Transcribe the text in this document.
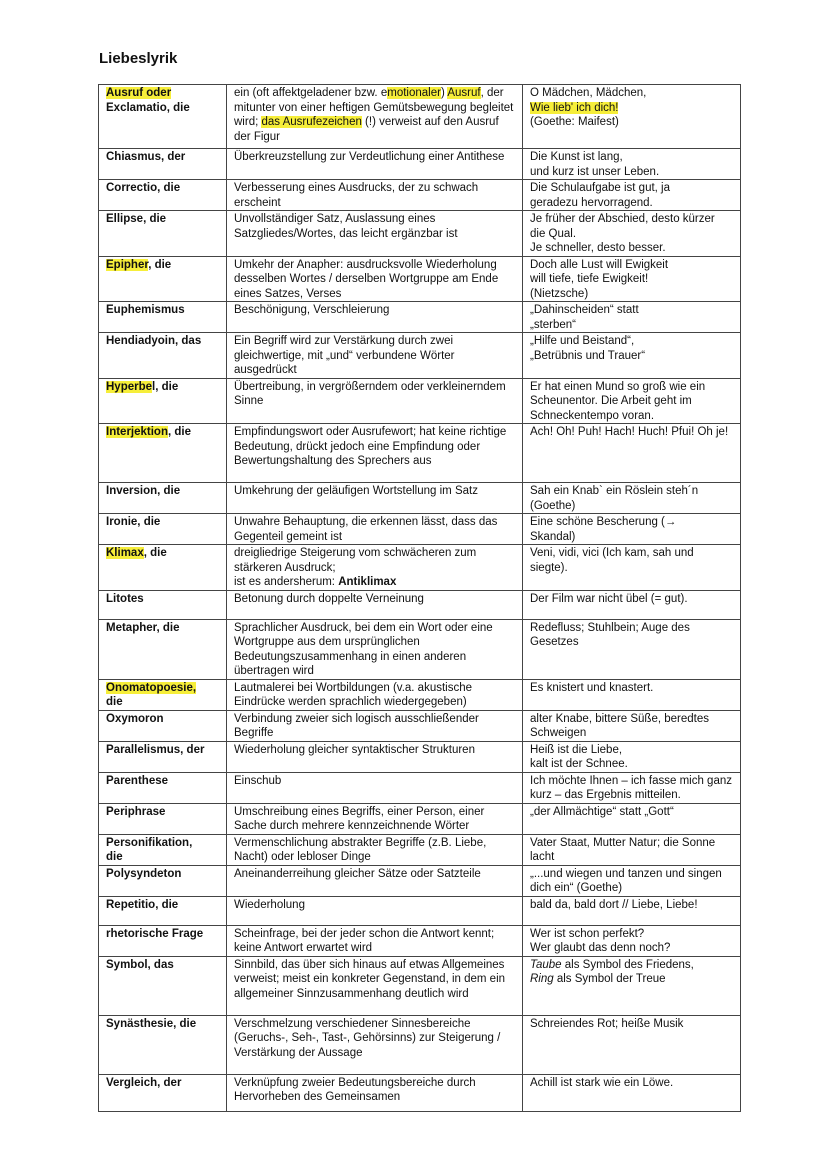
Liebeslyrik
Ausruf oder
Exclamatio, die	ein (oft affektgeladener bzw. emotionaler) Ausruf, der mitunter von einer heftigen Gemütsbewegung begleitet wird; das Ausrufezeichen (!) verweist auf den Ausruf der Figur	O Mädchen, Mädchen,
Wie lieb' ich dich!
(Goethe: Maifest)
Chiasmus, der	Überkreuzstellung zur Verdeutlichung einer Antithese	Die Kunst ist lang,
und kurz ist unser Leben.
Correctio, die	Verbesserung eines Ausdrucks, der zu schwach erscheint	Die Schulaufgabe ist gut, ja
geradezu hervorragend.
Ellipse, die	Unvollständiger Satz, Auslassung eines Satzgliedes/Wortes, das leicht ergänzbar ist	Je früher der Abschied, desto kürzer die Qual.
Je schneller, desto besser.
Epipher, die	Umkehr der Anapher: ausdrucksvolle Wiederholung desselben Wortes / derselben Wortgruppe am Ende eines Satzes, Verses	Doch alle Lust will Ewigkeit
will tiefe, tiefe Ewigkeit!
(Nietzsche)
Euphemismus	Beschönigung, Verschleierung	„Dahinscheiden“ statt
„sterben“
Hendiadyoin, das	Ein Begriff wird zur Verstärkung durch zwei gleichwertige, mit „und“ verbundene Wörter ausgedrückt	„Hilfe und Beistand“,
„Betrübnis und Trauer“
Hyperbel, die	Übertreibung, in vergrößerndem oder verkleinerndem Sinne	Er hat einen Mund so groß wie ein Scheunentor. Die Arbeit geht im Schneckentempo voran.
Interjektion, die	Empfindungswort oder Ausrufewort; hat keine richtige Bedeutung, drückt jedoch eine Empfindung oder Bewertungshaltung des Sprechers aus	Ach! Oh! Puh! Hach! Huch! Pfui! Oh je!
Inversion, die	Umkehrung der geläufigen Wortstellung im Satz	Sah ein Knab` ein Röslein steh´n
(Goethe)
Ironie, die	Unwahre Behauptung, die erkennen lässt, dass das Gegenteil gemeint ist	Eine schöne Bescherung (→
Skandal)
Klimax, die	dreigliedrige Steigerung vom schwächeren zum stärkeren Ausdruck;
ist es andersherum: Antiklimax	Veni, vidi, vici (Ich kam, sah und siegte).
Litotes	Betonung durch doppelte Verneinung	Der Film war nicht übel (= gut).
Metapher, die	Sprachlicher Ausdruck, bei dem ein Wort oder eine Wortgruppe aus dem ursprünglichen Bedeutungszusammenhang in einen anderen übertragen wird	Redefluss; Stuhlbein; Auge des Gesetzes
Onomatopoesie,
die	Lautmalerei bei Wortbildungen (v.a. akustische Eindrücke werden sprachlich wiedergegeben)	Es knistert und knastert.
Oxymoron	Verbindung zweier sich logisch ausschließender Begriffe	alter Knabe, bittere Süße, beredtes Schweigen
Parallelismus, der	Wiederholung gleicher syntaktischer Strukturen	Heiß ist die Liebe,
kalt ist der Schnee.
Parenthese	Einschub	Ich möchte Ihnen – ich fasse mich ganz kurz – das Ergebnis mitteilen.
Periphrase	Umschreibung eines Begriffs, einer Person, einer Sache durch mehrere kennzeichnende Wörter	„der Allmächtige“ statt „Gott“
Personifikation,
die	Vermenschlichung abstrakter Begriffe (z.B. Liebe, Nacht) oder lebloser Dinge	Vater Staat, Mutter Natur; die Sonne lacht
Polysyndeton	Aneinanderreihung gleicher Sätze oder Satzteile	„...und wiegen und tanzen und singen dich ein“ (Goethe)
Repetitio, die	Wiederholung	bald da, bald dort // Liebe, Liebe!
rhetorische Frage	Scheinfrage, bei der jeder schon die Antwort kennt; keine Antwort erwartet wird	Wer ist schon perfekt?
Wer glaubt das denn noch?
Symbol, das	Sinnbild, das über sich hinaus auf etwas Allgemeines verweist; meist ein konkreter Gegenstand, in dem ein allgemeiner Sinnzusammenhang deutlich wird	Taube als Symbol des Friedens,
Ring als Symbol der Treue
Synästhesie, die	Verschmelzung verschiedener Sinnesbereiche (Geruchs-, Seh-, Tast-, Gehörsinns) zur Steigerung / Verstärkung der Aussage	Schreiendes Rot; heiße Musik
Vergleich, der	Verknüpfung zweier Bedeutungsbereiche durch Hervorheben des Gemeinsamen	Achill ist stark wie ein Löwe.
